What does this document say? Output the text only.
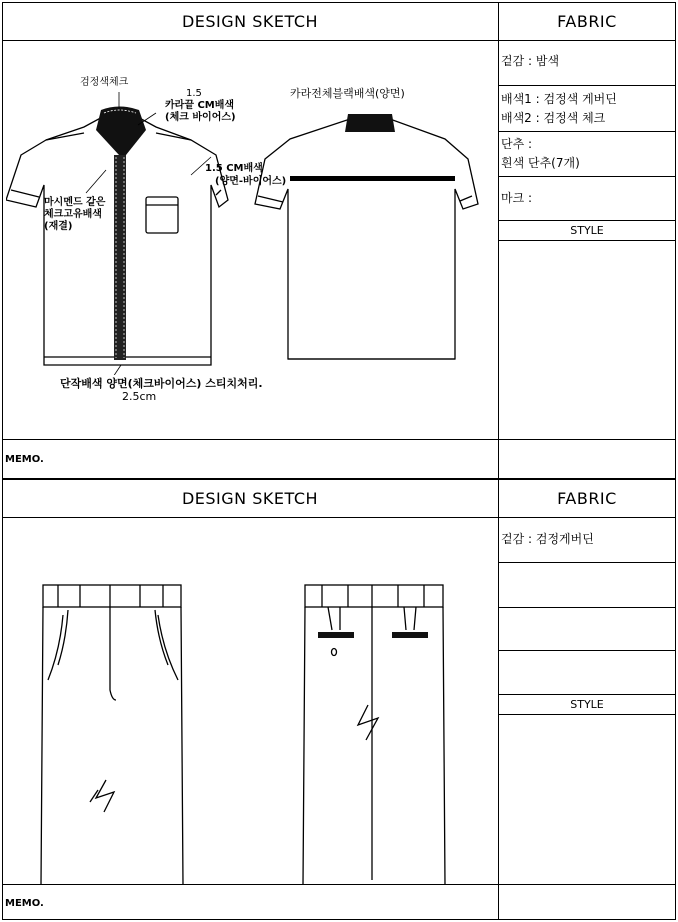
DESIGN SKETCH	FABRIC
겉감 : 밤색
배색1 : 검정색 게버딘
배색2 : 검정색 체크
단추 :
흰색 단추(7개)
마크 :
STYLE
MEMO.
검정색체크
1.5
카라끝 CM배색
(체크 바이어스)
카라전체블랙배색(양면)
1.5 CM배색
(양면-바이어스)
마시멘드 같은
체크고유배색
(재결)
단작배색 양면(체크바이어스) 스티치처리.
2.5cm
DESIGN SKETCH	FABRIC
겉감 : 검정게버딘
STYLE
MEMO.
